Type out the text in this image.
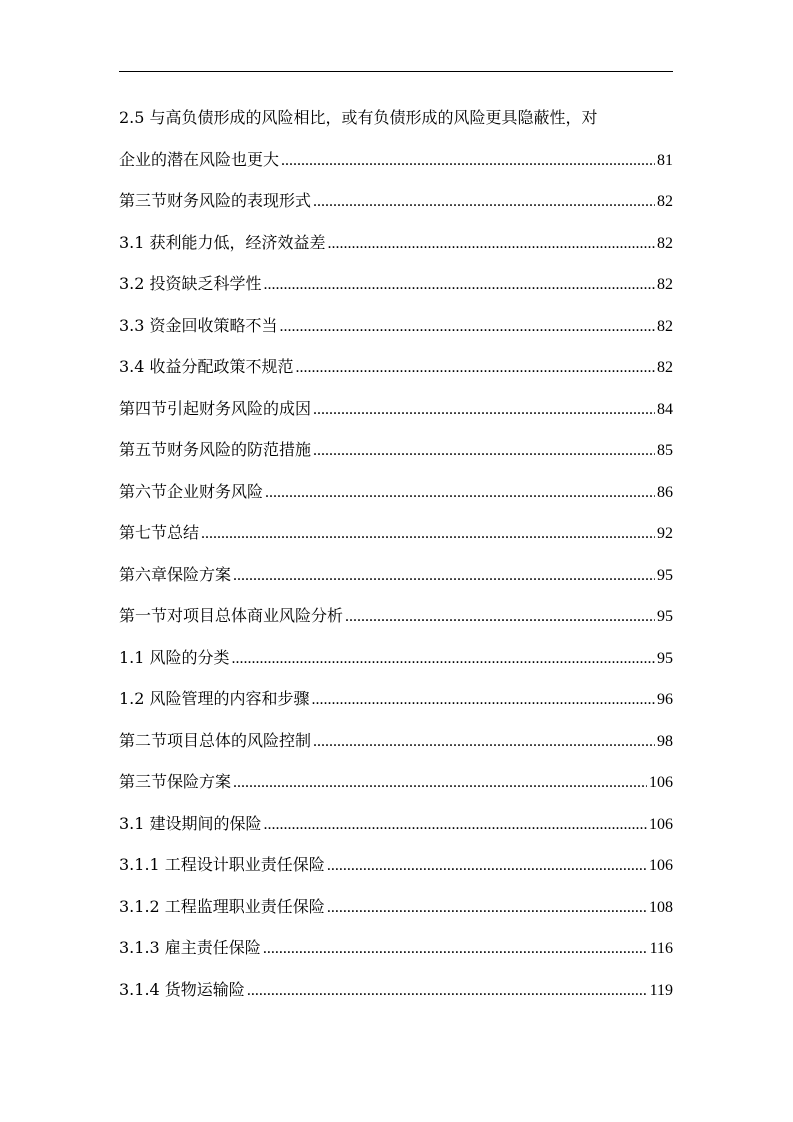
2.5 与高负债形成的风险相比，或有负债形成的风险更具隐蔽性，对
企业的潜在风险也更大 .....	81
第三节财务风险的表现形式 .....	82
3.1 获利能力低，经济效益差 .....	82
3.2 投资缺乏科学性 .....	82
3.3 资金回收策略不当 .....	82
3.4 收益分配政策不规范 .....	82
第四节引起财务风险的成因 .....	84
第五节财务风险的防范措施 .....	85
第六节企业财务风险 .....	86
第七节总结 .....	92
第六章保险方案 .....	95
第一节对项目总体商业风险分析 .....	95
1.1 风险的分类 .....	95
1.2 风险管理的内容和步骤 .....	96
第二节项目总体的风险控制 .....	98
第三节保险方案 .....	106
3.1 建设期间的保险 .....	106
3.1.1 工程设计职业责任保险 .....	106
3.1.2 工程监理职业责任保险 .....	108
3.1.3 雇主责任保险 .....	116
3.1.4 货物运输险 .....	119
